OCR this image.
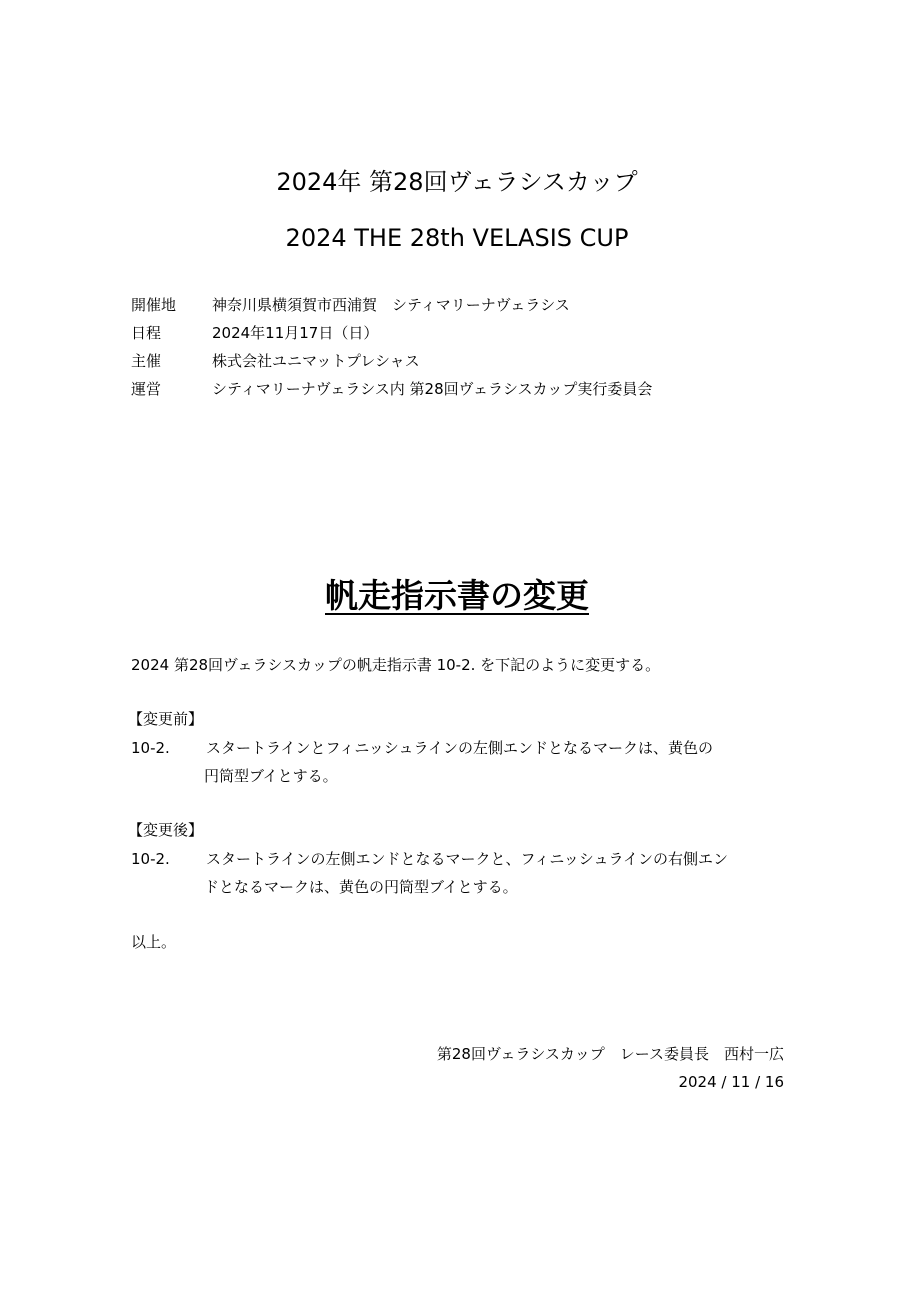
2024年 第28回ヴェラシスカップ
2024 THE 28th VELASIS CUP
開催地 神奈川県横須賀市西浦賀　シティマリーナヴェラシス
日程	2024年11月17日（日）
主催	株式会社ユニマットプレシャス
運営	シティマリーナヴェラシス内 第28回ヴェラシスカップ実行委員会
帆走指示書の変更
2024 第28回ヴェラシスカップの帆走指示書 10-2. を下記のように変更する。
【変更前】
10-2. スタートラインとフィニッシュラインの左側エンドとなるマークは、黄色の
円筒型ブイとする。
【変更後】
10-2. スタートラインの左側エンドとなるマークと、フィニッシュラインの右側エン
ドとなるマークは、黄色の円筒型ブイとする。
以上。
第28回ヴェラシスカップ　レース委員長　西村一広
2024 / 11 / 16
